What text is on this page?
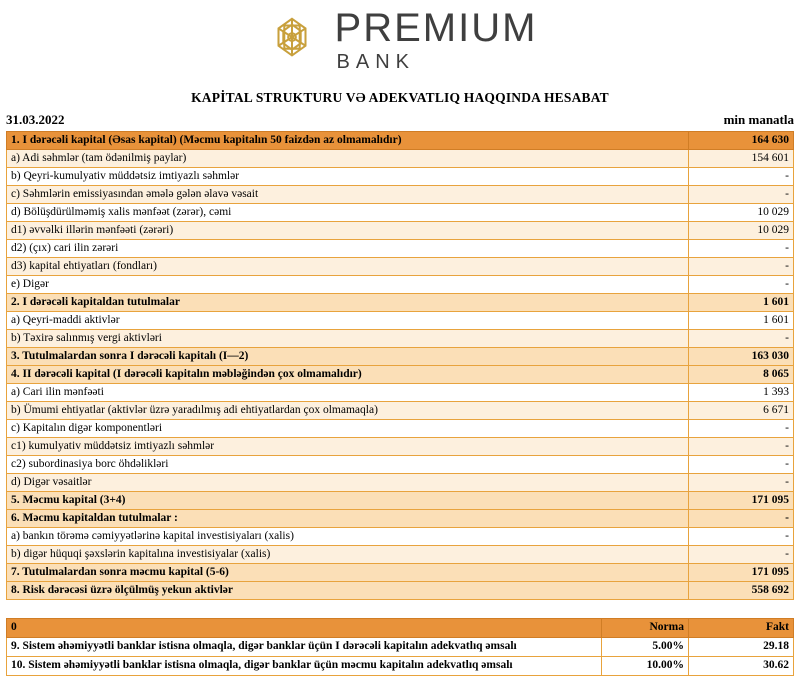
PREMIUM
BANK
KAPİTAL STRUKTURU VƏ ADEKVATLIQ HAQQINDA HESABAT
31.03.2022	min manatla
1. I dərəcəli kapital (Əsas kapital) (Məcmu kapitalın 50 faizdən az olmamalıdır)	164 630
a) Adi səhmlər (tam ödənilmiş paylar)	154 601
b) Qeyri-kumulyativ müddətsiz imtiyazlı səhmlər	-
c) Səhmlərin emissiyasından əmələ gələn əlavə vəsait	-
d) Bölüşdürülməmiş xalis mənfəət (zərər), cəmi	10 029
d1) əvvəlki illərin mənfəəti (zərəri)	10 029
d2) (çıx) cari ilin zərəri	-
d3) kapital ehtiyatları (fondları)	-
e) Digər	-
2. I dərəcəli kapitaldan tutulmalar	1 601
a) Qeyri-maddi aktivlər	1 601
b) Təxirə salınmış vergi aktivləri	-
3. Tutulmalardan sonra I dərəcəli kapitalı (I—2)	163 030
4. II dərəcəli kapital (I dərəcəli kapitalın məbləğindən çox olmamalıdır)	8 065
a) Cari ilin mənfəəti	1 393
b) Ümumi ehtiyatlar (aktivlər üzrə yaradılmış adi ehtiyatlardan çox olmamaqla)	6 671
c) Kapitalın digər komponentləri	-
c1) kumulyativ müddətsiz imtiyazlı səhmlər	-
c2) subordinasiya borc öhdəlikləri	-
d) Digər vəsaitlər	-
5. Məcmu kapital (3+4)	171 095
6. Məcmu kapitaldan tutulmalar :	-
a) bankın törəmə cəmiyyətlərinə kapital investisiyaları (xalis)	-
b) digər hüquqi şəxslərin kapitalına investisiyalar (xalis)	-
7. Tutulmalardan sonra məcmu kapital (5-6)	171 095
8. Risk dərəcəsi üzrə ölçülmüş yekun aktivlər	558 692
0	Norma	Fakt
9. Sistem əhəmiyyətli banklar istisna olmaqla, digər banklar üçün I dərəcəli kapitalın adekvatlıq əmsalı	5.00%	29.18
10. Sistem əhəmiyyətli banklar istisna olmaqla, digər banklar üçün məcmu kapitalın adekvatlıq əmsalı	10.00%	30.62
